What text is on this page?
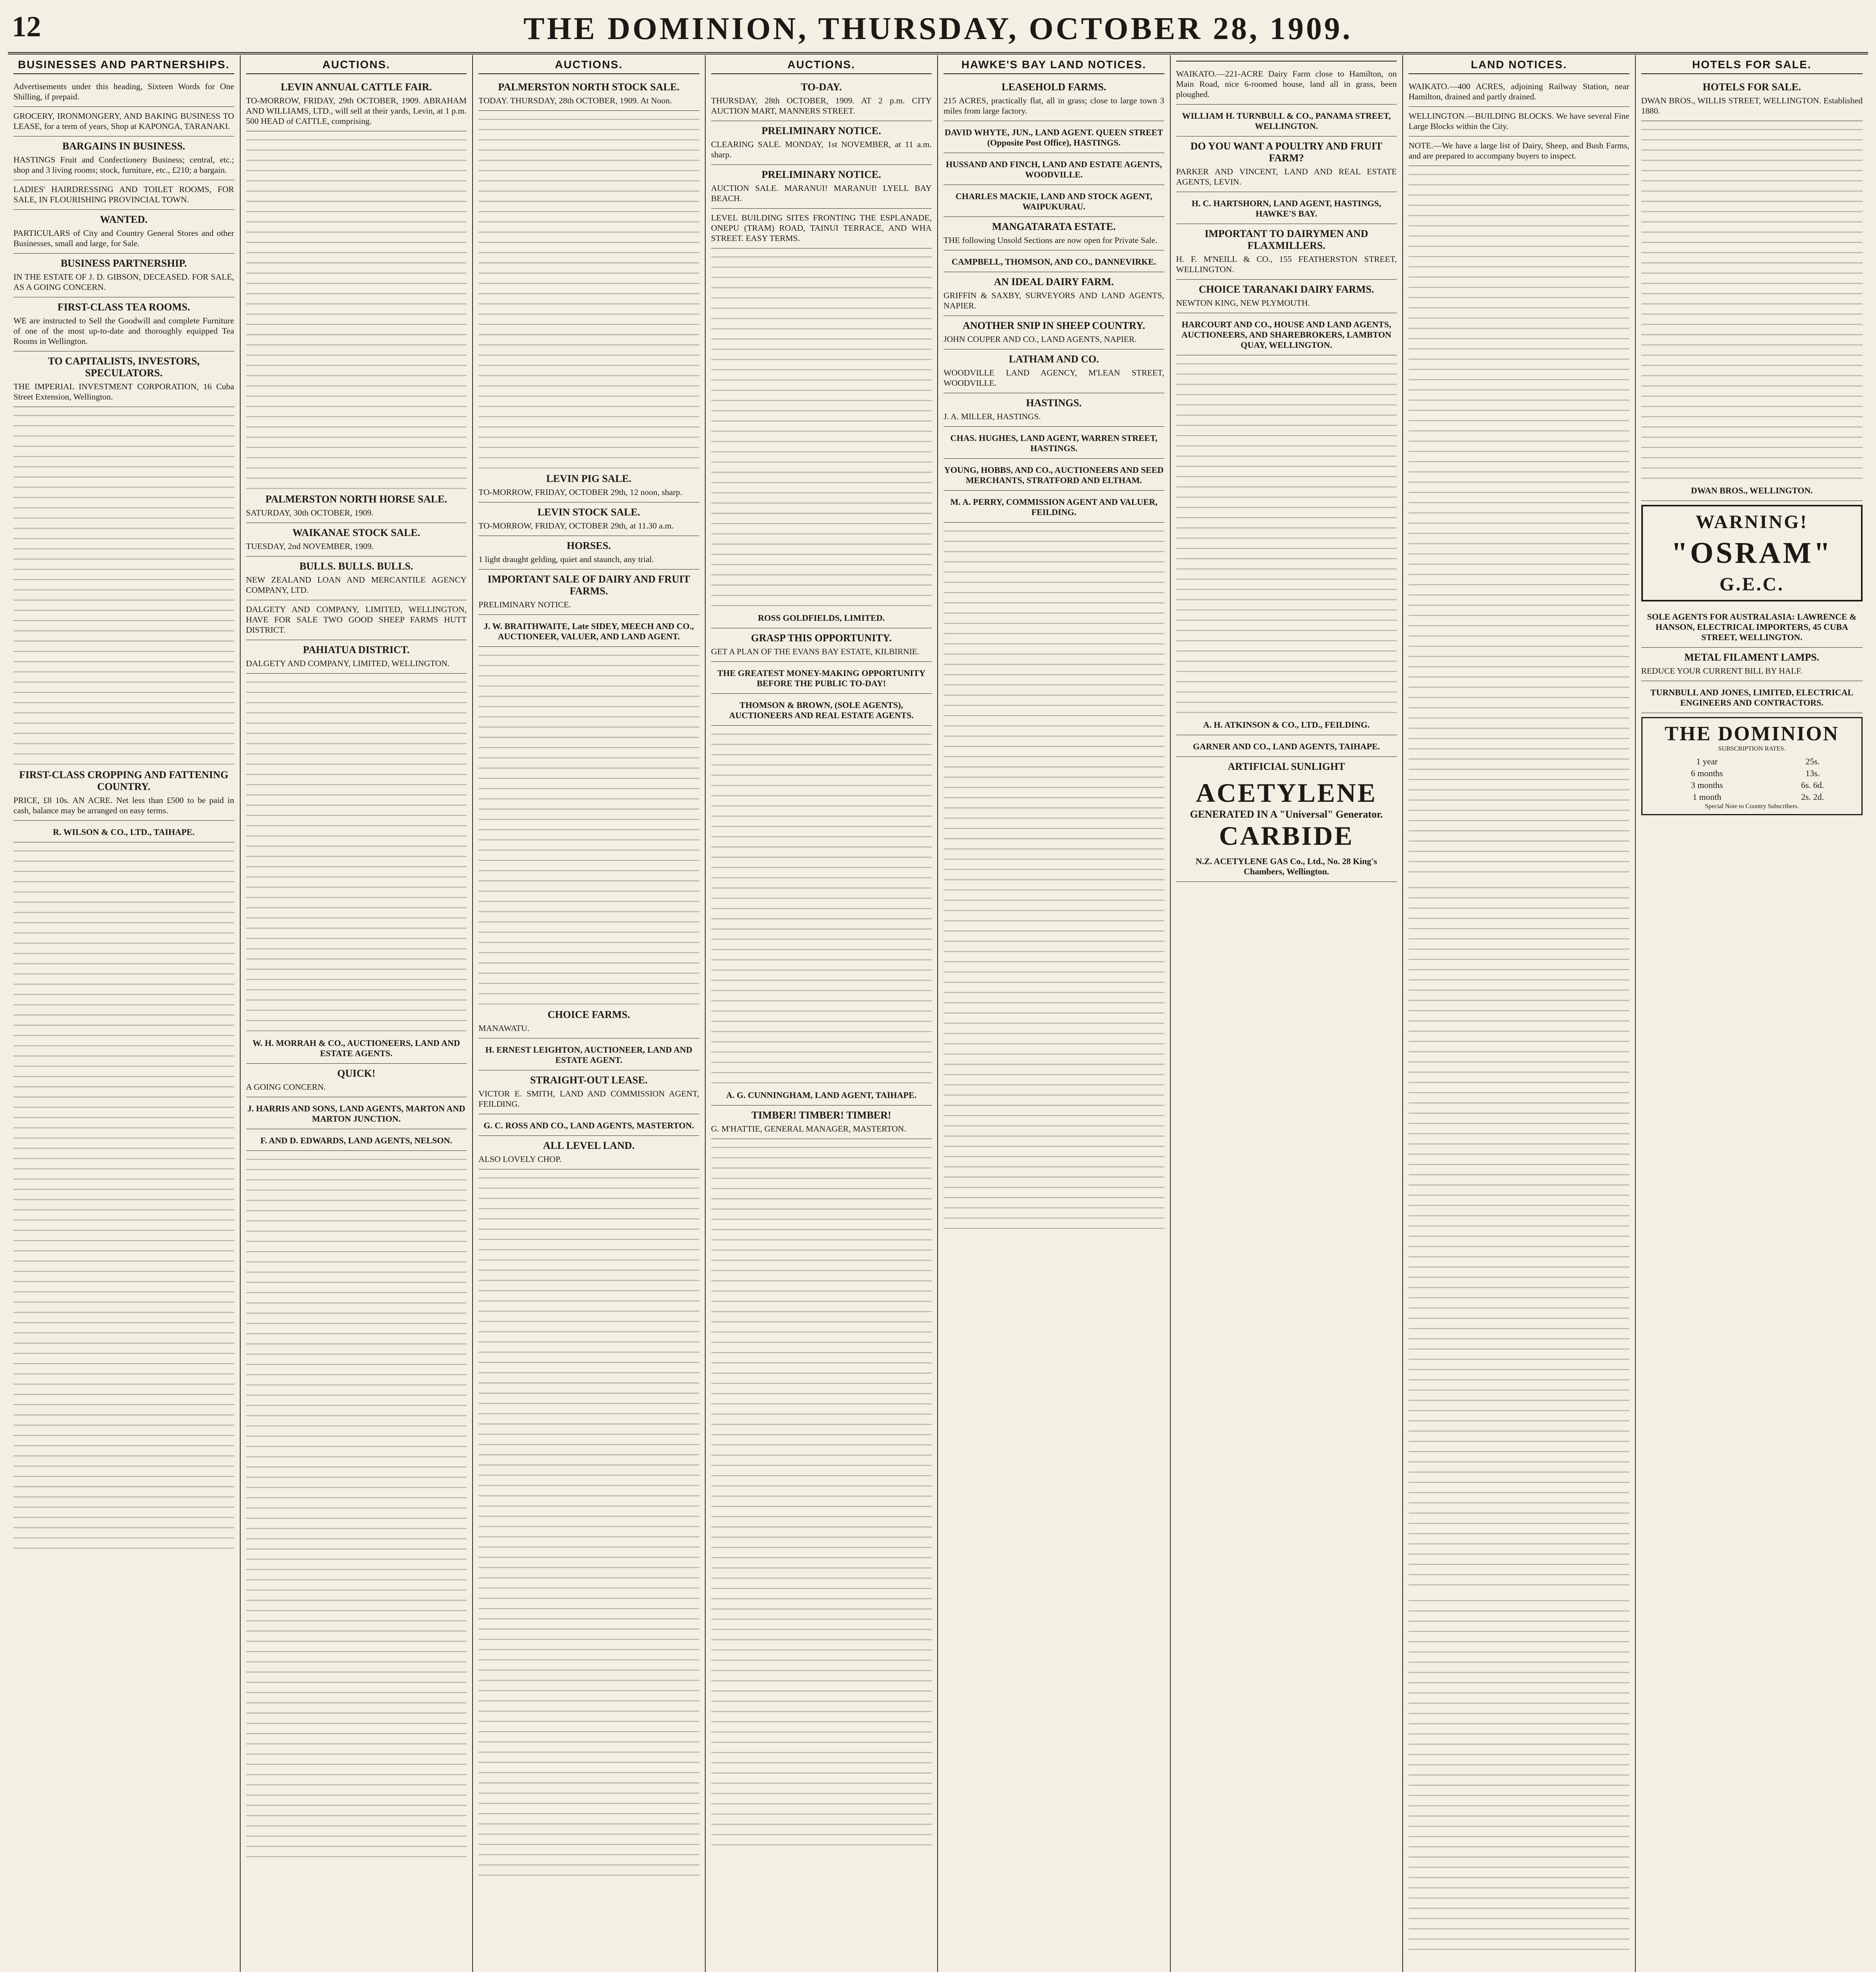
12	THE DOMINION, THURSDAY, OCTOBER 28, 1909.
BUSINESSES AND PARTNERSHIPS.
Advertisements under this heading, Sixteen Words for One Shilling, if prepaid.
GROCERY, IRONMONGERY, AND BAKING BUSINESS TO LEASE, for a term of years, Shop at KAPONGA, TARANAKI.
BARGAINS IN BUSINESS.
HASTINGS Fruit and Confectionery Business; central, etc.; shop and 3 living rooms; stock, furniture, etc., £210; a bargain.
LADIES' HAIRDRESSING AND TOILET ROOMS, FOR SALE, IN FLOURISHING PROVINCIAL TOWN.
WANTED.
PARTICULARS of City and Country General Stores and other Businesses, small and large, for Sale.
BUSINESS PARTNERSHIP.
IN THE ESTATE OF J. D. GIBSON, DECEASED. FOR SALE, AS A GOING CONCERN.
FIRST-CLASS TEA ROOMS.
WE are instructed to Sell the Goodwill and complete Furniture of one of the most up-to-date and thoroughly equipped Tea Rooms in Wellington.
TO CAPITALISTS, INVESTORS, SPECULATORS.
THE IMPERIAL INVESTMENT CORPORATION, 16 Cuba Street Extension, Wellington.
FIRST-CLASS CROPPING AND FATTENING COUNTRY.
PRICE, £8 10s. AN ACRE. Net less than £500 to be paid in cash, balance may be arranged on easy terms.
R. WILSON & CO., LTD., TAIHAPE.
AUCTIONS.
LEVIN ANNUAL CATTLE FAIR.
TO-MORROW, FRIDAY, 29th OCTOBER, 1909. ABRAHAM AND WILLIAMS, LTD., will sell at their yards, Levin, at 1 p.m. 500 HEAD of CATTLE, comprising.
PALMERSTON NORTH HORSE SALE.
SATURDAY, 30th OCTOBER, 1909.
WAIKANAE STOCK SALE.
TUESDAY, 2nd NOVEMBER, 1909.
BULLS. BULLS. BULLS.
NEW ZEALAND LOAN AND MERCANTILE AGENCY COMPANY, LTD.
DALGETY AND COMPANY, LIMITED, WELLINGTON, HAVE FOR SALE TWO GOOD SHEEP FARMS HUTT DISTRICT.
PAHIATUA DISTRICT.
DALGETY AND COMPANY, LIMITED, WELLINGTON.
W. H. MORRAH & CO., AUCTIONEERS, LAND AND ESTATE AGENTS.
QUICK!
A GOING CONCERN.
J. HARRIS AND SONS, LAND AGENTS, MARTON AND MARTON JUNCTION.
F. AND D. EDWARDS, LAND AGENTS, NELSON.
AUCTIONS.
PALMERSTON NORTH STOCK SALE.
TODAY. THURSDAY, 28th OCTOBER, 1909. At Noon.
LEVIN PIG SALE.
TO-MORROW, FRIDAY, OCTOBER 29th, 12 noon, sharp.
LEVIN STOCK SALE.
TO-MORROW, FRIDAY, OCTOBER 29th, at 11.30 a.m.
HORSES.
1 light draught gelding, quiet and staunch, any trial.
IMPORTANT SALE OF DAIRY AND FRUIT FARMS.
PRELIMINARY NOTICE.
J. W. BRAITHWAITE, Late SIDEY, MEECH AND CO., AUCTIONEER, VALUER, AND LAND AGENT.
CHOICE FARMS.
MANAWATU.
H. ERNEST LEIGHTON, AUCTIONEER, LAND AND ESTATE AGENT.
STRAIGHT-OUT LEASE.
VICTOR E. SMITH, LAND AND COMMISSION AGENT, FEILDING.
G. C. ROSS AND CO., LAND AGENTS, MASTERTON.
ALL LEVEL LAND.
ALSO LOVELY CHOP.
AUCTIONS.
TO-DAY.
THURSDAY, 28th OCTOBER, 1909. AT 2 p.m. CITY AUCTION MART, MANNERS STREET.
PRELIMINARY NOTICE.
CLEARING SALE. MONDAY, 1st NOVEMBER, at 11 a.m. sharp.
PRELIMINARY NOTICE.
AUCTION SALE. MARANUI! MARANUI! LYELL BAY BEACH.
LEVEL BUILDING SITES FRONTING THE ESPLANADE, ONEPU (TRAM) ROAD, TAINUI TERRACE, AND WHA STREET. EASY TERMS.
ROSS GOLDFIELDS, LIMITED.
GRASP THIS OPPORTUNITY.
GET A PLAN OF THE EVANS BAY ESTATE, KILBIRNIE.
THE GREATEST MONEY-MAKING OPPORTUNITY BEFORE THE PUBLIC TO-DAY!
THOMSON & BROWN, (SOLE AGENTS), AUCTIONEERS AND REAL ESTATE AGENTS.
A. G. CUNNINGHAM, LAND AGENT, TAIHAPE.
TIMBER! TIMBER! TIMBER!
G. M'HATTIE, GENERAL MANAGER, MASTERTON.
HAWKE'S BAY LAND NOTICES.
LEASEHOLD FARMS.
215 ACRES, practically flat, all in grass; close to large town 3 miles from large factory.
DAVID WHYTE, JUN., LAND AGENT. QUEEN STREET (Opposite Post Office), HASTINGS.
HUSSAND AND FINCH, LAND AND ESTATE AGENTS, WOODVILLE.
CHARLES MACKIE, LAND AND STOCK AGENT, WAIPUKURAU.
MANGATARATA ESTATE.
THE following Unsold Sections are now open for Private Sale.
CAMPBELL, THOMSON, AND CO., DANNEVIRKE.
AN IDEAL DAIRY FARM.
GRIFFIN & SAXBY, SURVEYORS AND LAND AGENTS, NAPIER.
ANOTHER SNIP IN SHEEP COUNTRY.
JOHN COUPER AND CO., LAND AGENTS, NAPIER.
LATHAM AND CO.
WOODVILLE LAND AGENCY, M'LEAN STREET, WOODVILLE.
HASTINGS.
J. A. MILLER, HASTINGS.
CHAS. HUGHES, LAND AGENT, WARREN STREET, HASTINGS.
YOUNG, HOBBS, AND CO., AUCTIONEERS AND SEED MERCHANTS, STRATFORD AND ELTHAM.
M. A. PERRY, COMMISSION AGENT AND VALUER, FEILDING.
WAIKATO.—221-ACRE Dairy Farm close to Hamilton, on Main Road, nice 6-roomed house, land all in grass, been ploughed.
WILLIAM H. TURNBULL & CO., PANAMA STREET, WELLINGTON.
DO YOU WANT A POULTRY AND FRUIT FARM?
PARKER AND VINCENT, LAND AND REAL ESTATE AGENTS, LEVIN.
H. C. HARTSHORN, LAND AGENT, HASTINGS, HAWKE'S BAY.
IMPORTANT TO DAIRYMEN AND FLAXMILLERS.
H. F. M'NEILL & CO., 155 FEATHERSTON STREET, WELLINGTON.
CHOICE TARANAKI DAIRY FARMS.
NEWTON KING, NEW PLYMOUTH.
HARCOURT AND CO., HOUSE AND LAND AGENTS, AUCTIONEERS, AND SHAREBROKERS, LAMBTON QUAY, WELLINGTON.
A. H. ATKINSON & CO., LTD., FEILDING.
GARNER AND CO., LAND AGENTS, TAIHAPE.
ARTIFICIAL SUNLIGHT
ACETYLENE
GENERATED IN A "Universal" Generator.
CARBIDE
N.Z. ACETYLENE GAS Co., Ltd., No. 28 King's Chambers, Wellington.
LAND NOTICES.
WAIKATO.—400 ACRES, adjoining Railway Station, near Hamilton, drained and partly drained.
WELLINGTON.—BUILDING BLOCKS. We have several Fine Large Blocks within the City.
NOTE.—We have a large list of Dairy, Sheep, and Bush Farms, and are prepared to accompany buyers to inspect.
HOTELS FOR SALE.
HOTELS FOR SALE.
DWAN BROS., WILLIS STREET, WELLINGTON. Established 1880.
DWAN BROS., WELLINGTON.
WARNING!
"OSRAM"
G.E.C.
SOLE AGENTS FOR AUSTRALASIA: LAWRENCE & HANSON, ELECTRICAL IMPORTERS, 45 CUBA STREET, WELLINGTON.
METAL FILAMENT LAMPS.
REDUCE YOUR CURRENT BILL BY HALF.
TURNBULL AND JONES, LIMITED, ELECTRICAL ENGINEERS AND CONTRACTORS.
THE DOMINION
SUBSCRIPTION RATES.
1 year	25s.
6 months	13s.
3 months	6s. 6d.
1 month	2s. 2d.
Special Note to Country Subscribers.
